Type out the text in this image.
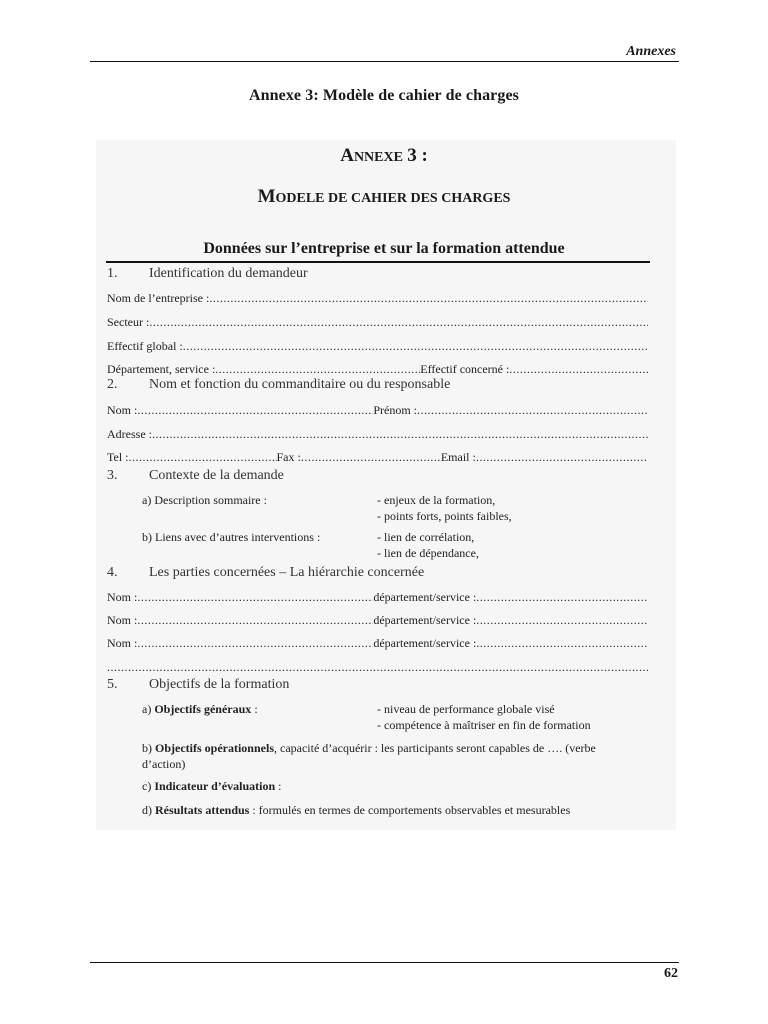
Annexes
Annexe 3: Modèle de cahier de charges
ANNEXE 3 :
MODELE DE CAHIER DES CHARGES
Données sur l’entreprise et sur la formation attendue
1. Identification du demandeur
Nom de l’entreprise :
.....
Secteur :
.....
Effectif global :
.....
Département, service : .....	Effectif concerné :
.....
2. Nom et fonction du commanditaire ou du responsable
Nom : .....	Prénom :
.....
Adresse :
.....
Tel : .....	Fax : .....	Email :
.....
3. Contexte de la demande
a) Description sommaire :	- enjeux de la formation,
- points forts, points faibles,
b) Liens avec d’autres interventions :	- lien de corrélation,
- lien de dépendance,
4. Les parties concernées – La hiérarchie concernée
Nom : .....	département/service :
.....
Nom : .....	département/service :
.....
Nom : .....	département/service :
.....
.....
5. Objectifs de la formation
a) Objectifs généraux :	- niveau de performance globale visé
- compétence à maîtriser en fin de formation
b) Objectifs opérationnels, capacité d’acquérir : les participants seront capables de …. (verbe d’action)
c) Indicateur d’évaluation :
d) Résultats attendus : formulés en termes de comportements observables et mesurables
62
